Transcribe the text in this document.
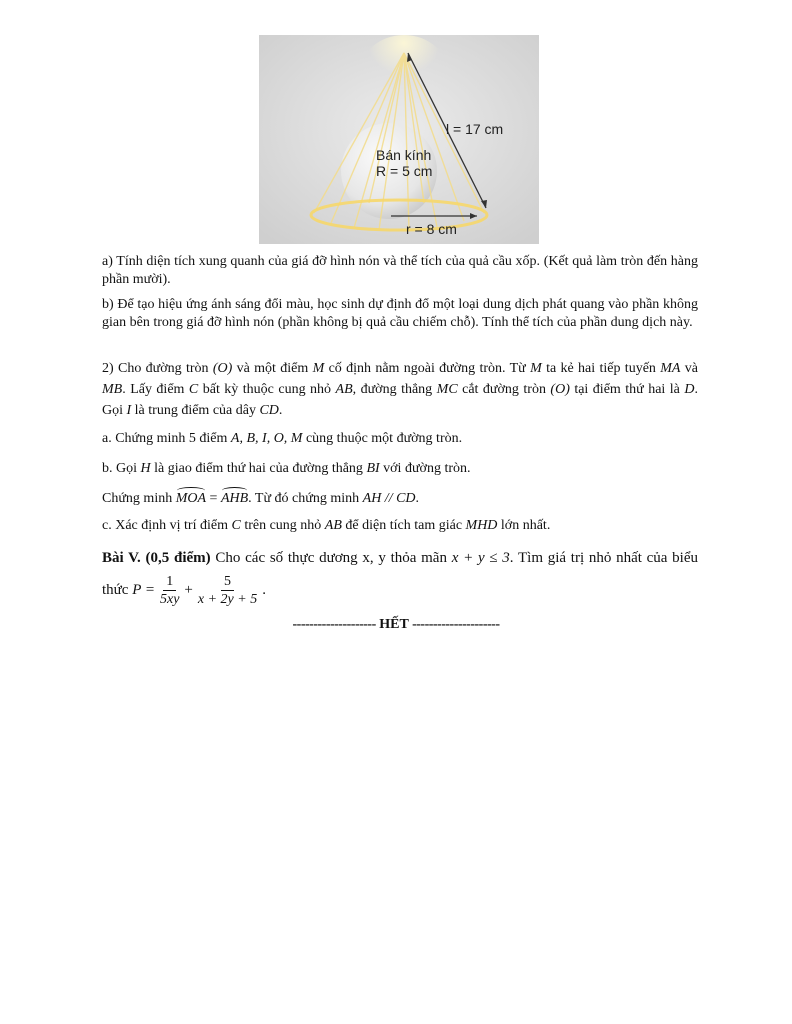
l = 17 cm
Bán kính
R = 5 cm
r = 8 cm
a) Tính diện tích xung quanh của giá đỡ hình nón và thể tích của quả cầu xốp. (Kết quả làm tròn đến hàng phần mười).
b) Để tạo hiệu ứng ánh sáng đổi màu, học sinh dự định đổ một loại dung dịch phát quang vào phần không gian bên trong giá đỡ hình nón (phần không bị quả cầu chiếm chỗ). Tính thể tích của phần dung dịch này.
2) Cho đường tròn (O) và một điểm M cố định nằm ngoài đường tròn. Từ M ta kẻ hai tiếp tuyến MA và MB. Lấy điểm C bất kỳ thuộc cung nhỏ AB, đường thẳng MC cắt đường tròn (O) tại điểm thứ hai là D. Gọi I là trung điểm của dây CD.
a. Chứng minh 5 điểm A, B, I, O, M cùng thuộc một đường tròn.
b. Gọi H là giao điểm thứ hai của đường thẳng BI với đường tròn.
Chứng minh MOA = AHB. Từ đó chứng minh AH // CD.
c. Xác định vị trí điểm C trên cung nhỏ AB để diện tích tam giác MHD lớn nhất.
Bài V. (0,5 điểm) Cho các số thực dương x, y thỏa mãn x + y ≤ 3. Tìm giá trị nhỏ nhất của biểu thức $P = \frac{1}{5xy} + \frac{5}{x + 2y + 5}$ .
-------------------- HẾT ---------------------
